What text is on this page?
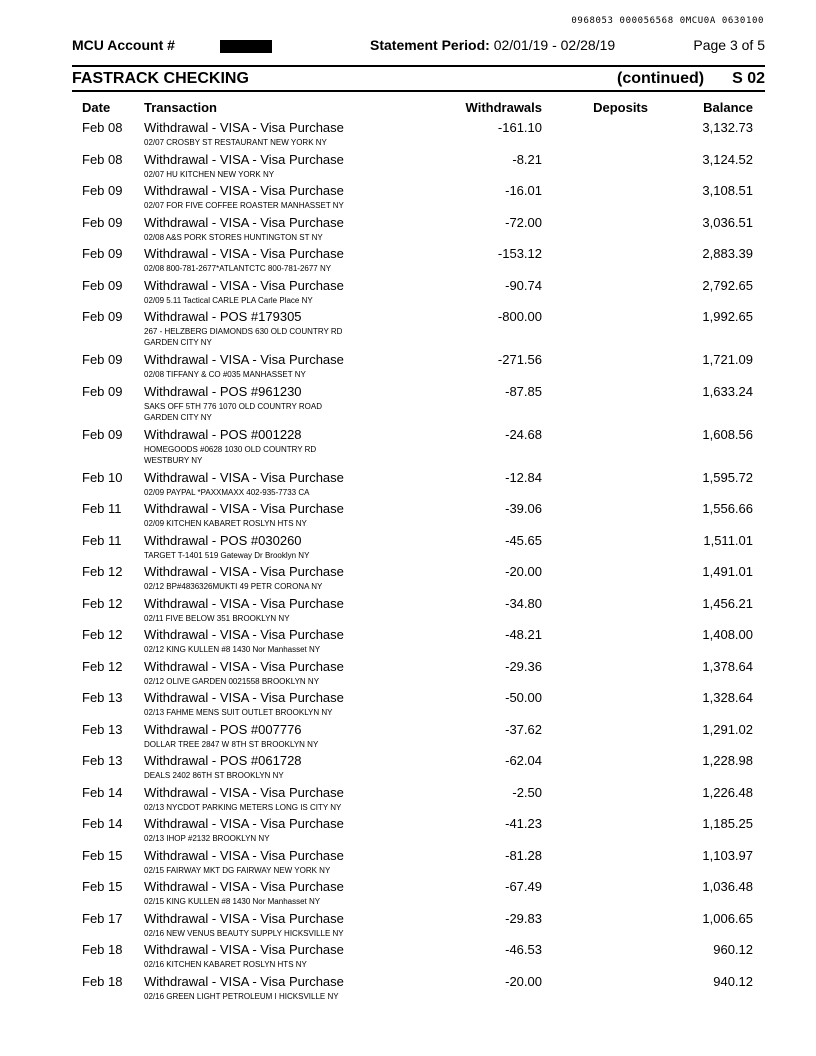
0968053 000056568 0MCU0A 0630100
MCU Account #	Statement Period: 02/01/19 - 02/28/19	Page 3 of 5
FASTRACK CHECKING	(continued) S 02
Date	Transaction	Withdrawals	Deposits	Balance
Feb 08 Withdrawal - VISA - Visa Purchase
02/07 CROSBY ST RESTAURANT NEW YORK NY
-161.10	3,132.73
Feb 08 Withdrawal - VISA - Visa Purchase
02/07 HU KITCHEN NEW YORK NY
-8.21	3,124.52
Feb 09 Withdrawal - VISA - Visa Purchase
02/07 FOR FIVE COFFEE ROASTER MANHASSET NY
-16.01	3,108.51
Feb 09 Withdrawal - VISA - Visa Purchase
02/08 A&S PORK STORES HUNTINGTON ST NY
-72.00	3,036.51
Feb 09 Withdrawal - VISA - Visa Purchase
02/08 800-781-2677*ATLANTCTC 800-781-2677 NY
-153.12	2,883.39
Feb 09 Withdrawal - VISA - Visa Purchase
02/09 5.11 Tactical CARLE PLA Carle Place NY
-90.74	2,792.65
Feb 09 Withdrawal - POS #179305
267 - HELZBERG DIAMONDS 630 OLD COUNTRY RD
GARDEN CITY NY
-800.00	1,992.65
Feb 09 Withdrawal - VISA - Visa Purchase
02/08 TIFFANY & CO #035 MANHASSET NY
-271.56	1,721.09
Feb 09 Withdrawal - POS #961230
SAKS OFF 5TH 776 1070 OLD COUNTRY ROAD
GARDEN CITY NY
-87.85	1,633.24
Feb 09 Withdrawal - POS #001228
HOMEGOODS #0628 1030 OLD COUNTRY RD
WESTBURY NY
-24.68	1,608.56
Feb 10 Withdrawal - VISA - Visa Purchase
02/09 PAYPAL *PAXXMAXX 402-935-7733 CA
-12.84	1,595.72
Feb 11 Withdrawal - VISA - Visa Purchase
02/09 KITCHEN KABARET ROSLYN HTS NY
-39.06	1,556.66
Feb 11 Withdrawal - POS #030260
TARGET T-1401 519 Gateway Dr Brooklyn NY
-45.65	1,511.01
Feb 12 Withdrawal - VISA - Visa Purchase
02/12 BP#4836326MUKTI 49 PETR CORONA NY
-20.00	1,491.01
Feb 12 Withdrawal - VISA - Visa Purchase
02/11 FIVE BELOW 351 BROOKLYN NY
-34.80	1,456.21
Feb 12 Withdrawal - VISA - Visa Purchase
02/12 KING KULLEN #8 1430 Nor Manhasset NY
-48.21	1,408.00
Feb 12 Withdrawal - VISA - Visa Purchase
02/12 OLIVE GARDEN 0021558 BROOKLYN NY
-29.36	1,378.64
Feb 13 Withdrawal - VISA - Visa Purchase
02/13 FAHME MENS SUIT OUTLET BROOKLYN NY
-50.00	1,328.64
Feb 13 Withdrawal - POS #007776
DOLLAR TREE 2847 W 8TH ST BROOKLYN NY
-37.62	1,291.02
Feb 13 Withdrawal - POS #061728
DEALS 2402 86TH ST BROOKLYN NY
-62.04	1,228.98
Feb 14 Withdrawal - VISA - Visa Purchase
02/13 NYCDOT PARKING METERS LONG IS CITY NY
-2.50	1,226.48
Feb 14 Withdrawal - VISA - Visa Purchase
02/13 IHOP #2132 BROOKLYN NY
-41.23	1,185.25
Feb 15 Withdrawal - VISA - Visa Purchase
02/15 FAIRWAY MKT DG FAIRWAY NEW YORK NY
-81.28	1,103.97
Feb 15 Withdrawal - VISA - Visa Purchase
02/15 KING KULLEN #8 1430 Nor Manhasset NY
-67.49	1,036.48
Feb 17 Withdrawal - VISA - Visa Purchase
02/16 NEW VENUS BEAUTY SUPPLY HICKSVILLE NY
-29.83	1,006.65
Feb 18 Withdrawal - VISA - Visa Purchase
02/16 KITCHEN KABARET ROSLYN HTS NY
-46.53	960.12
Feb 18 Withdrawal - VISA - Visa Purchase
02/16 GREEN LIGHT PETROLEUM I HICKSVILLE NY
-20.00	940.12
